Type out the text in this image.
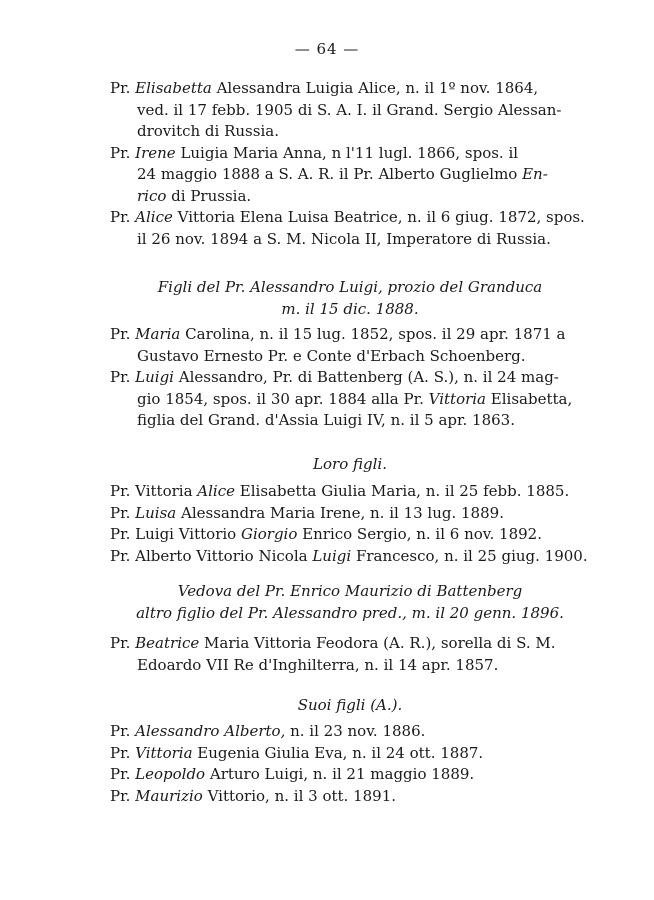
— 64 —
Pr. Elisabetta Alessandra Luigia Alice, n. il 1º nov. 1864,
ved. il 17 febb. 1905 di S. A. I. il Grand. Sergio Alessan-
drovitch di Russia.
Pr. Irene Luigia Maria Anna, n l'11 lugl. 1866, spos. il
24 maggio 1888 a S. A. R. il Pr. Alberto Guglielmo En-
rico di Prussia.
Pr. Alice Vittoria Elena Luisa Beatrice, n. il 6 giug. 1872, spos.
il 26 nov. 1894 a S. M. Nicola II, Imperatore di Russia.
Figli del Pr. Alessandro Luigi, prozio del Granduca
m. il 15 dic. 1888.
Pr. Maria Carolina, n. il 15 lug. 1852, spos. il 29 apr. 1871 a
Gustavo Ernesto Pr. e Conte d'Erbach Schoenberg.
Pr. Luigi Alessandro, Pr. di Battenberg (A. S.), n. il 24 mag-
gio 1854, spos. il 30 apr. 1884 alla Pr. Vittoria Elisabetta,
figlia del Grand. d'Assia Luigi IV, n. il 5 apr. 1863.
Loro figli.
Pr. Vittoria Alice Elisabetta Giulia Maria, n. il 25 febb. 1885.
Pr. Luisa Alessandra Maria Irene, n. il 13 lug. 1889.
Pr. Luigi Vittorio Giorgio Enrico Sergio, n. il 6 nov. 1892.
Pr. Alberto Vittorio Nicola Luigi Francesco, n. il 25 giug. 1900.
Vedova del Pr. Enrico Maurizio di Battenberg
altro figlio del Pr. Alessandro pred., m. il 20 genn. 1896.
Pr. Beatrice Maria Vittoria Feodora (A. R.), sorella di S. M.
Edoardo VII Re d'Inghilterra, n. il 14 apr. 1857.
Suoi figli (A.).
Pr. Alessandro Alberto, n. il 23 nov. 1886.
Pr. Vittoria Eugenia Giulia Eva, n. il 24 ott. 1887.
Pr. Leopoldo Arturo Luigi, n. il 21 maggio 1889.
Pr. Maurizio Vittorio, n. il 3 ott. 1891.
